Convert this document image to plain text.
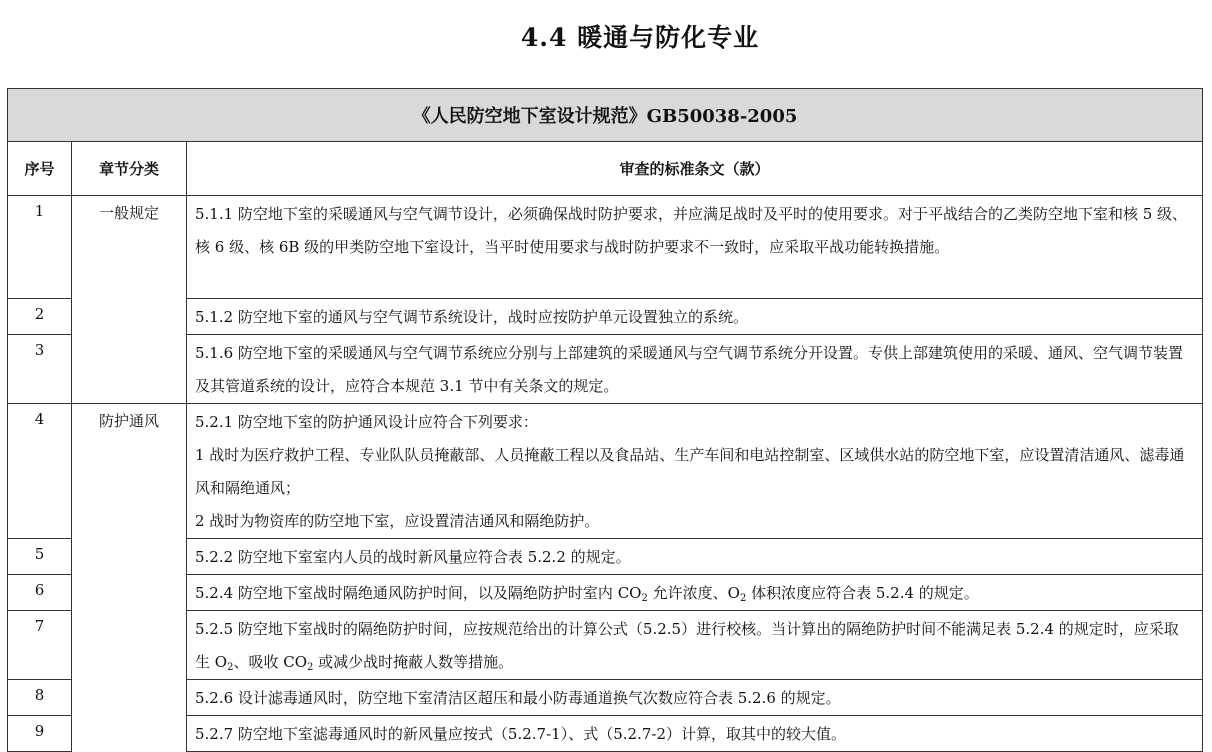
4.4 暖通与防化专业
《人民防空地下室设计规范》GB50038-2005		
序号	章节分类	审查的标准条文（款）
1	一般规定	5.1.1 防空地下室的采暖通风与空气调节设计，必须确保战时防护要求，并应满足战时及平时的使用要求。对于平战结合的乙类防空地下室和核 5 级、核 6 级、核 6B 级的甲类防空地下室设计，当平时使用要求与战时防护要求不一致时，应采取平战功能转换措施。
2		5.1.2 防空地下室的通风与空气调节系统设计，战时应按防护单元设置独立的系统。
3		5.1.6 防空地下室的采暖通风与空气调节系统应分别与上部建筑的采暖通风与空气调节系统分开设置。专供上部建筑使用的采暖、通风、空气调节装置及其管道系统的设计，应符合本规范 3.1 节中有关条文的规定。
4	防护通风	5.2.1 防空地下室的防护通风设计应符合下列要求：

1 战时为医疗救护工程、专业队队员掩蔽部、人员掩蔽工程以及食品站、生产车间和电站控制室、区域供水站的防空地下室，应设置清洁通风、滤毒通风和隔绝通风；

2 战时为物资库的防空地下室，应设置清洁通风和隔绝防护。

5		5.2.2 防空地下室室内人员的战时新风量应符合表 5.2.2 的规定。
6		5.2.4 防空地下室战时隔绝通风防护时间，以及隔绝防护时室内 $CO_2$ 允许浓度、$O_2$ 体积浓度应符合表 5.2.4 的规定。
7		5.2.5 防空地下室战时的隔绝防护时间，应按规范给出的计算公式（5.2.5）进行校核。当计算出的隔绝防护时间不能满足表 5.2.4 的规定时，应采取生 $O_2$、吸收 $CO_2$ 或减少战时掩蔽人数等措施。
8		5.2.6 设计滤毒通风时，防空地下室清洁区超压和最小防毒通道换气次数应符合表 5.2.6 的规定。
9		5.2.7 防空地下室滤毒通风时的新风量应按式（5.2.7-1）、式（5.2.7-2）计算，取其中的较大值。
